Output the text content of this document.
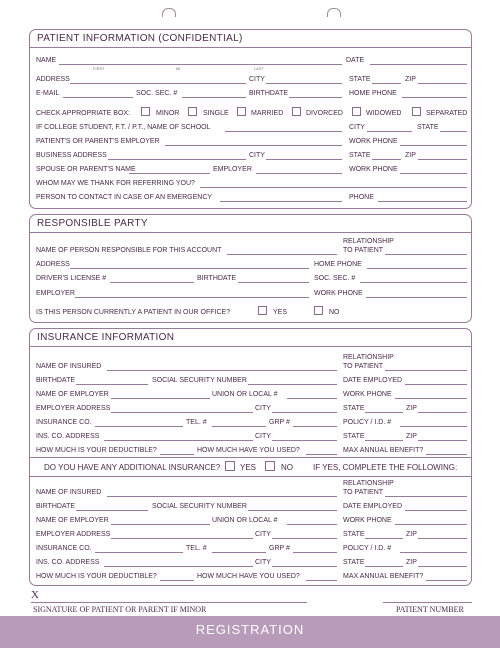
PATIENT INFORMATION (CONFIDENTIAL)
NAME
FIRST	MI	LAST
DATE
ADDRESS	CITY	STATE	ZIP
E-MAIL	SOC. SEC. #	BIRTHDATE	HOME PHONE
CHECK APPROPRIATE BOX:	MINOR	SINGLE	MARRIED	DIVORCED	WIDOWED	SEPARATED
IF COLLEGE STUDENT, F.T. / P.T., NAME OF SCHOOL	CITY	STATE
PATIENT'S OR PARENT'S EMPLOYER	WORK PHONE
BUSINESS ADDRESS	CITY	STATE	ZIP
SPOUSE OR PARENT'S NAME	EMPLOYER	WORK PHONE
WHOM MAY WE THANK FOR REFERRING YOU?
PERSON TO CONTACT IN CASE OF AN EMERGENCY	PHONE
RESPONSIBLE PARTY
NAME OF PERSON RESPONSIBLE FOR THIS ACCOUNT
RELATIONSHIP
TO PATIENT
ADDRESS	HOME PHONE
DRIVER'S LICENSE #	BIRTHDATE	SOC. SEC. #
EMPLOYER	WORK PHONE
IS THIS PERSON CURRENTLY A PATIENT IN OUR OFFICE?	YES	NO
INSURANCE INFORMATION
NAME OF INSURED
RELATIONSHIP
TO PATIENT
BIRTHDATE	SOCIAL SECURITY NUMBER	DATE EMPLOYED
NAME OF EMPLOYER	UNION OR LOCAL #	WORK PHONE
EMPLOYER ADDRESS	CITY	STATE	ZIP
INSURANCE CO.	TEL. #	GRP #	POLICY / I.D. #
INS. CO. ADDRESS	CITY	STATE	ZIP
HOW MUCH IS YOUR DEDUCTIBLE?	HOW MUCH HAVE YOU USED?	MAX ANNUAL BENEFIT?
DO YOU HAVE ANY ADDITIONAL INSURANCE? YES	NO	IF YES, COMPLETE THE FOLLOWING:
NAME OF INSURED
RELATIONSHIP
TO PATIENT
BIRTHDATE	SOCIAL SECURITY NUMBER	DATE EMPLOYED
NAME OF EMPLOYER	UNION OR LOCAL #	WORK PHONE
EMPLOYER ADDRESS	CITY	STATE	ZIP
INSURANCE CO.	TEL. #	GRP #	POLICY / I.D. #
INS. CO. ADDRESS	CITY	STATE	ZIP
HOW MUCH IS YOUR DEDUCTIBLE?	HOW MUCH HAVE YOU USED?	MAX ANNUAL BENEFIT?
X
SIGNATURE OF PATIENT OR PARENT IF MINOR	PATIENT NUMBER
REGISTRATION
